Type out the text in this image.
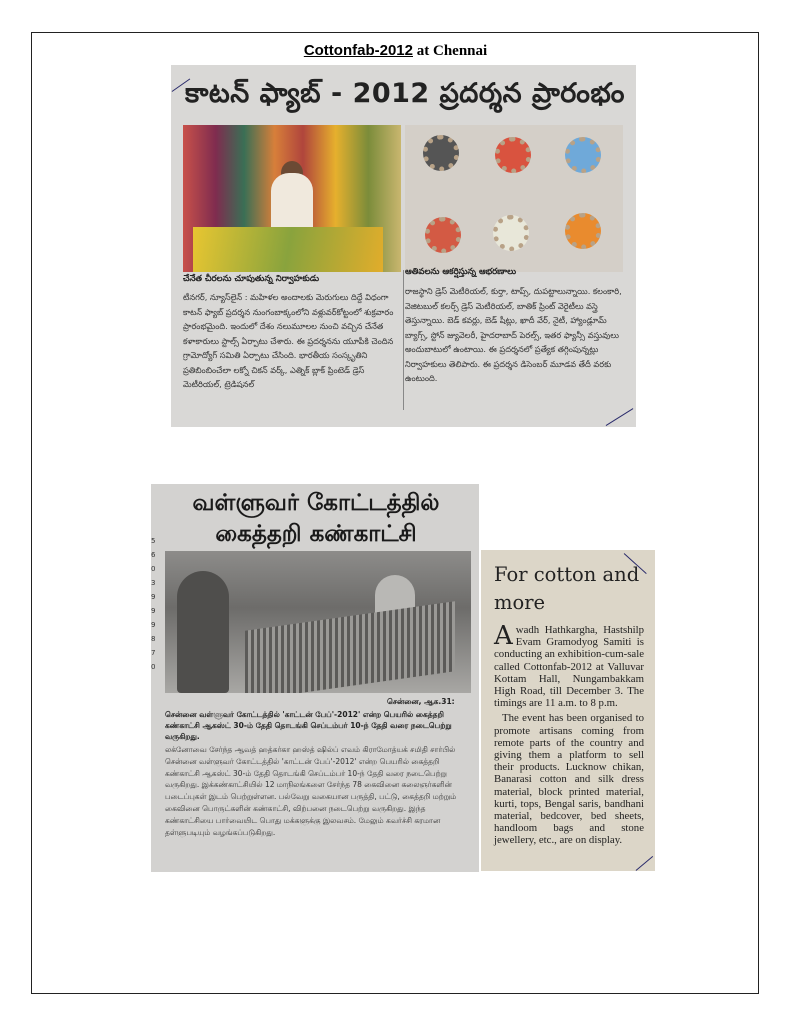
Cottonfab-2012 at Chennai
కాటన్ ఫ్యాబ్ - 2012 ప్రదర్శన ప్రారంభం
చేనేత చీరలను చూపుతున్న నిర్వాహకుడు
ఆతివలను ఆకర్షిస్తున్న ఆభరణాలు
టీనగర్, న్యూస్‌లైన్ : మహిళల అందాలకు మెరుగులు దిద్దే విధంగా కాటన్ ఫ్యాబ్ ప్రదర్శన నుంగంబాక్కంలోని వళ్లువర్‌కోట్టంలో శుక్రవారం ప్రారంభమైంది. ఇందులో దేశం నలుమూలల నుంచి వచ్చిన చేనేత కళాకారులు స్టాల్స్ ఏర్పాటు చేశారు. ఈ ప్రదర్శనను యూపీకి చెందిన గ్రామోద్యోగ్ సమితి ఏర్పాటు చేసింది. భారతీయ సంస్కృతిని ప్రతిబింబించేలా లక్నో చికన్ వర్క్, ఎత్నిక్ బ్లాక్ ప్రింటెడ్ డ్రెస్ మెటీరియల్, ట్రెడిషనల్
రాజస్థాని డ్రెస్ మెటీరియల్, కుర్తా, టాప్స్, దుపట్టాలున్నాయి. కలంకారి, వెజిటబుల్ కలర్స్ డ్రెస్ మెటీరియల్, బాతిక్ ప్రింట్ వెరైటీలు వస్త్రె తెస్తున్నాయి. బెడ్ కవర్లు, బెడ్ షీట్లు, ఖాదీ వేర్, నైటీ, హ్యాండ్లూమ్ బ్యాగ్స్, స్టోన్ జ్యువెలరీ, హైదరాబాద్ పెరల్స్, ఇతర ఫ్యాన్సీ వస్తువులు అందుబాటులో ఉంటాయి. ఈ ప్రదర్శనలో ప్రత్యేక తగ్గింపున్నట్లు నిర్వాహకులు తెలిపారు. ఈ ప్రదర్శన డిసెంబర్ మూడవ తేదీ వరకు ఉంటుంది.
5 6 0 3 9 9 9 8 7 0
வள்ளுவர் கோட்டத்தில்
கைத்தறி கண்காட்சி
சென்னை, ஆக.31:
சென்னை வள்ளுவர் கோட்டத்தில் 'காட்டன் பேப்'-2012' என்ற பெயரில் கைத்தறி கண்காட்சி ஆகஸ்ட் 30-ம் தேதி தொடங்கி செப்டம்பர் 10-ந் தேதி வரை நடைபெற்று வருகிறது.
லக்னோவை சேர்ந்த ஆவத் ஹத்கர்கா ஹஸ்த் ஷில்ப் எவம் கிராமோத்யக் சமிதி சார்பில் சென்னை வள்ளுவர் கோட்டத்தில் 'காட்டன் பேப்'-2012' என்ற பெயரில் கைத்தறி கண்காட்சி ஆகஸ்ட் 30-ம் தேதி தொடங்கி செப்டம்பர் 10-ந் தேதி வரை நடைபெற்று வருகிறது. இக்கண்காட்சியில் 12 மாநிலங்களை சேர்ந்த 78 கைவினை கலைஞர்களின் படைப்புகள் இடம் பெற்றுள்ளன. பல்வேறு வகையான பருத்தி, பட்டு, கைத்தறி மற்றும் கைவினை பொருட்களின் கண்காட்சி, விற்பனை நடைபெற்று வருகிறது. இந்த கண்காட்சியை பார்வையிட பொது மக்களுக்கு இலவசம். மேலும் கவர்ச்சி கரமான தள்ளுபடியும் வழங்கப்படுகிறது.
For cotton and more

Awadh Hathkargha, Hastshilp Evam Gramodyog Samiti is conducting an exhibition-cum-sale called Cottonfab-2012 at Valluvar Kottam Hall, Nungambakkam High Road, till December 3. The timings are 11 a.m. to 8 p.m.

The event has been organised to promote artisans coming from remote parts of the country and giving them a platform to sell their products. Lucknow chikan, Banarasi cotton and silk dress material, block printed material, kurti, tops, Bengal saris, bandhani material, bedcover, bed sheets, handloom bags and stone jewellery, etc., are on display.
